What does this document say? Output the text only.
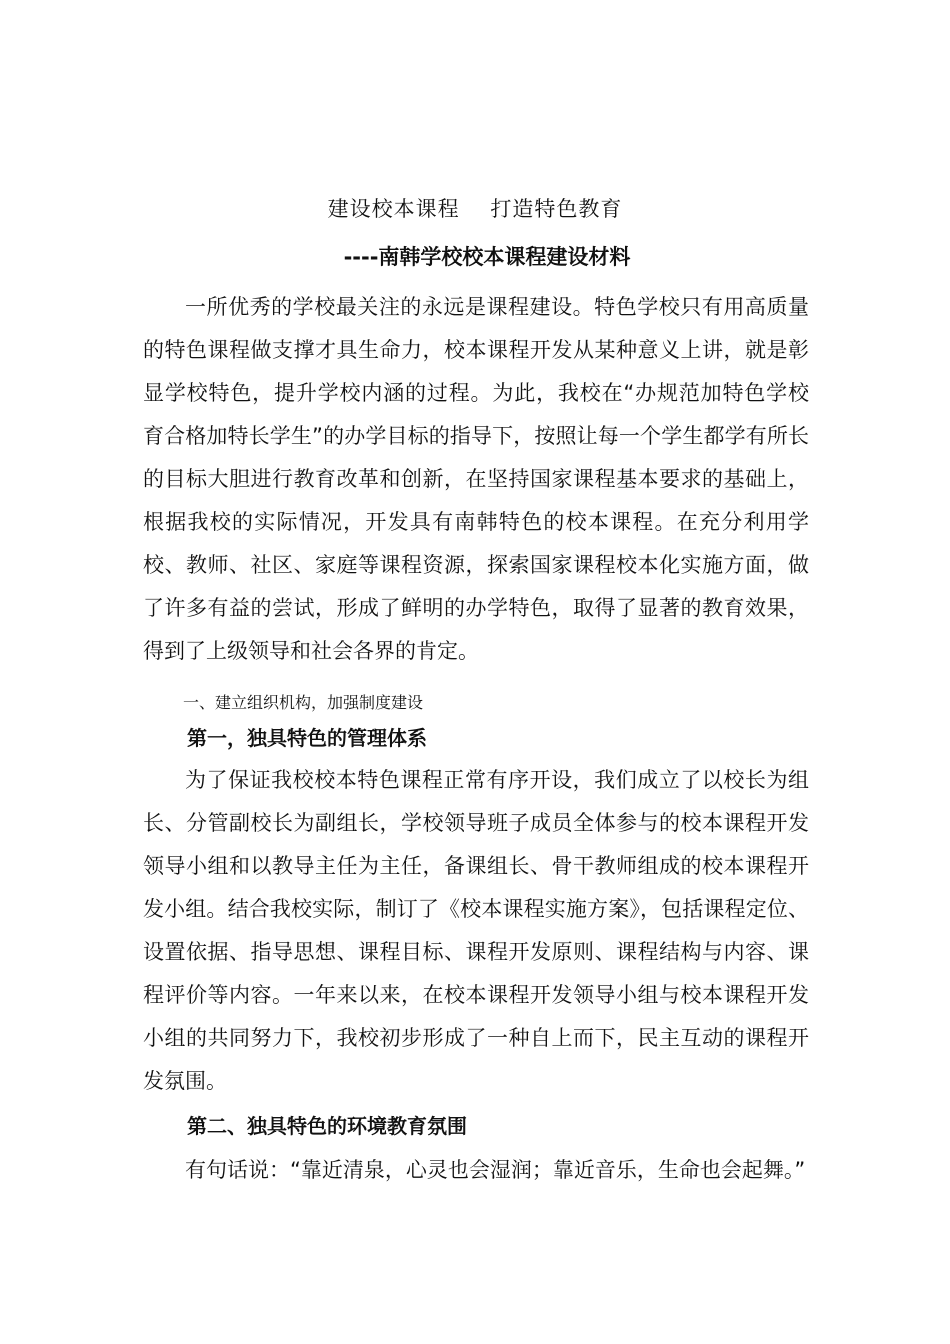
建设校本课程    打造特色教育
----南韩学校校本课程建设材料

一所优秀的学校最关注的永远是课程建设。特色学校只有用高质量的特色课程做支撑才具生命力，校本课程开发从某种意义上讲，就是彰显学校特色，提升学校内涵的过程。为此，我校在“办规范加特色学校 育合格加特长学生”的办学目标的指导下，按照让每一个学生都学有所长的目标大胆进行教育改革和创新，在坚持国家课程基本要求的基础上，根据我校的实际情况，开发具有南韩特色的校本课程。在充分利用学校、教师、社区、家庭等课程资源，探索国家课程校本化实施方面，做了许多有益的尝试，形成了鲜明的办学特色，取得了显著的教育效果，得到了上级领导和社会各界的肯定。

一、建立组织机构，加强制度建设
第一，独具特色的管理体系

为了保证我校校本特色课程正常有序开设，我们成立了以校长为组长、分管副校长为副组长，学校领导班子成员全体参与的校本课程开发领导小组和以教导主任为主任，备课组长、骨干教师组成的校本课程开发小组。结合我校实际，制订了《校本课程实施方案》，包括课程定位、设置依据、指导思想、课程目标、课程开发原则、课程结构与内容、课程评价等内容。一年来以来，在校本课程开发领导小组与校本课程开发小组的共同努力下，我校初步形成了一种自上而下，民主互动的课程开发氛围。

第二、独具特色的环境教育氛围

有句话说：“靠近清泉，心灵也会湿润；靠近音乐，生命也会起舞。”
